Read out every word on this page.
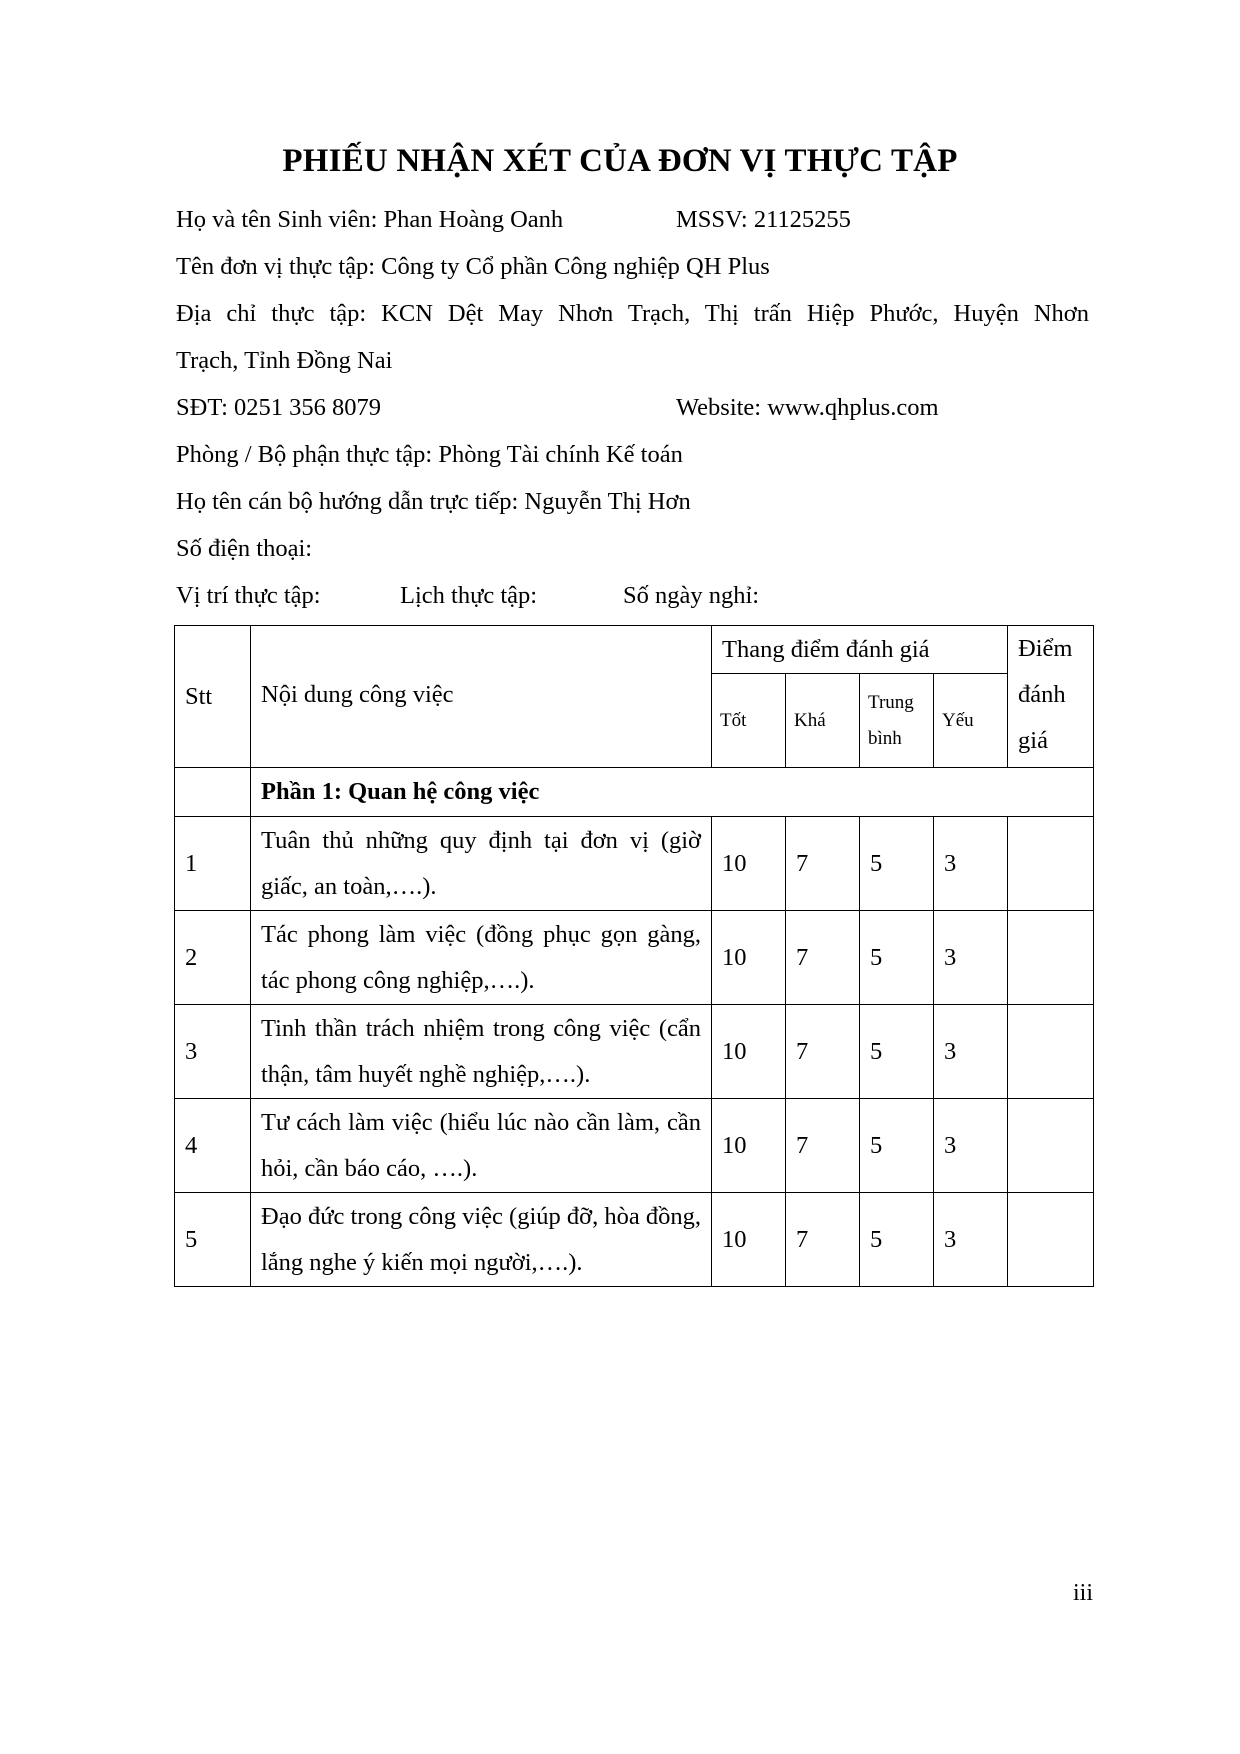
PHIẾU NHẬN XÉT CỦA ĐƠN VỊ THỰC TẬP
Họ và tên Sinh viên: Phan Hoàng Oanh	MSSV: 21125255
Tên đơn vị thực tập: Công ty Cổ phần Công nghiệp QH Plus
Địa chỉ thực tập: KCN Dệt May Nhơn Trạch, Thị trấn Hiệp Phước, Huyện Nhơn
Trạch, Tỉnh Đồng Nai
SĐT: 0251 356 8079	Website: www.qhplus.com
Phòng / Bộ phận thực tập: Phòng Tài chính Kế toán
Họ tên cán bộ hướng dẫn trực tiếp: Nguyễn Thị Hơn
Số điện thoại:
Vị trí thực tập:	Lịch thực tập:	Số ngày nghỉ:
Stt	Nội dung công việc	Thang điểm đánh giá				Điểm đánh giá
		Tốt	Khá	Trung bình	Yếu	
	Phần 1: Quan hệ công việc					
1	Tuân thủ những quy định tại đơn vị (giờ giấc, an toàn,….).	10	7	5	3	
2	Tác phong làm việc (đồng phục gọn gàng, tác phong công nghiệp,….).	10	7	5	3	
3	Tinh thần trách nhiệm trong công việc (cẩn thận, tâm huyết nghề nghiệp,….).	10	7	5	3	
4	Tư cách làm việc (hiểu lúc nào cần làm, cần hỏi, cần báo cáo, ….).	10	7	5	3	
5	Đạo đức trong công việc (giúp đỡ, hòa đồng, lắng nghe ý kiến mọi người,….).	10	7	5	3	
iii
